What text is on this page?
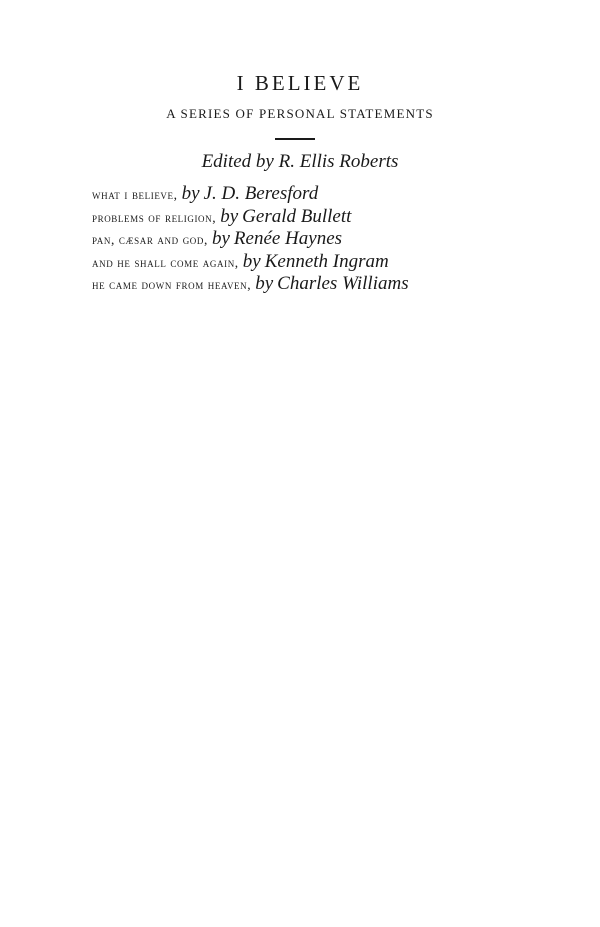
I BELIEVE
A SERIES OF PERSONAL STATEMENTS
Edited by R. Ellis Roberts
what i believe, by J. D. Beresford
problems of religion, by Gerald Bullett
pan, cæsar and god, by Renée Haynes
and he shall come again, by Kenneth Ingram
he came down from heaven, by Charles Williams
